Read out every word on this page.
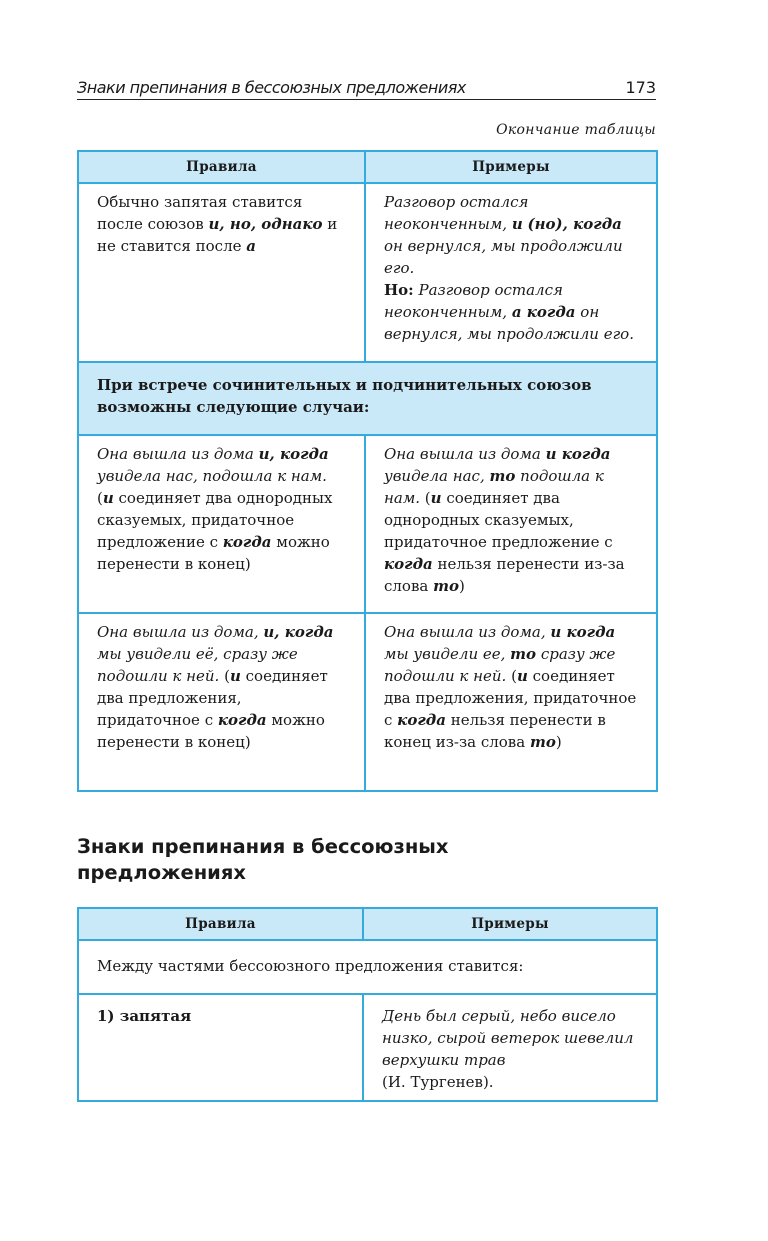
Знаки препинания в бессоюзных предложениях	173
Окончание таблицы
Правила	Примеры
Обычно запятая ставится после союзов и, но, однако и не ставится после а	Разговор остался неоконченным, и (но), когда он вернулся, мы продолжили его.
Но: Разговор остался неоконченным, а когда он вернулся, мы продолжили его.
При встрече сочинительных и подчинительных союзов возможны следующие случаи:	
Она вышла из дома и, когда увидела нас, подошла к нам. (и соединяет два однородных сказуемых, придаточное предложение с когда можно перенести в конец)	Она вышла из дома и когда увидела нас, то подошла к нам. (и соединяет два однородных сказуемых, придаточное предложение с когда нельзя перенести из-за слова то)
Она вышла из дома, и, когда мы увидели её, сразу же подошли к ней. (и соединяет два предложения, придаточное с когда можно перенести в конец)	Она вышла из дома, и когда мы увидели ее, то сразу же подошли к ней. (и соединяет два предложения, придаточное с когда нельзя перенести в конец из-за слова то)
Знаки препинания в бессоюзных предложениях
Правила	Примеры
Между частями бессоюзного предложения ставится:	
1) запятая	День был серый, небо висело низко, сырой ветерок шевелил верхушки трав
(И. Тургенев).
